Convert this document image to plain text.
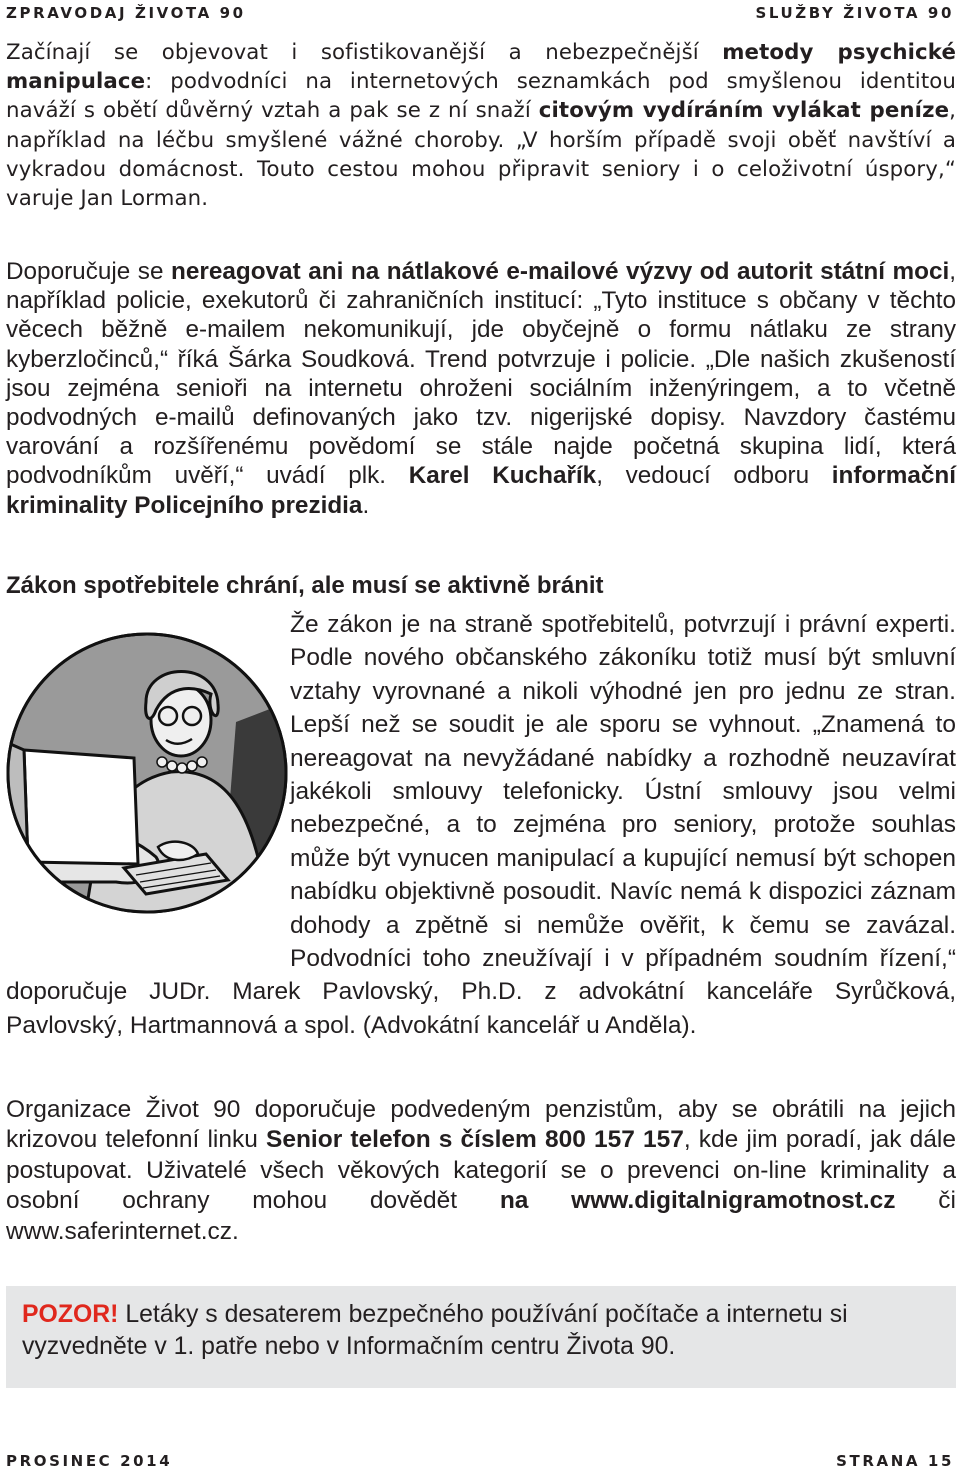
ZPRAVODAJ ŽIVOTA 90	SLUŽBY ŽIVOTA 90

Začínají se objevovat i sofistikovanější a nebezpečnější metody psychické manipulace: podvodníci na internetových seznamkách pod smyšlenou identitou naváží s obětí důvěrný vztah a pak se z ní snaží citovým vydíráním vylákat peníze, například na léčbu smyšlené vážné choroby. „V horším případě svoji oběť navštíví a vykradou domácnost. Touto cestou mohou připravit seniory i o celoživotní úspory,“ varuje Jan Lorman.

Doporučuje se nereagovat ani na nátlakové e-mailové výzvy od autorit státní moci, například policie, exekutorů či zahraničních institucí: „Tyto instituce s občany v těchto věcech běžně e-mailem nekomunikují, jde obyčejně o formu nátlaku ze strany kyberzločinců,“ říká Šárka Soudková. Trend potvrzuje i policie. „Dle našich zkušeností jsou zejména senioři na internetu ohroženi sociálním inženýringem, a to včetně podvodných e-mailů definovaných jako tzv. nigerijské dopisy. Navzdory častému varování a rozšířenému povědomí se stále najde početná skupina lidí, která podvodníkům uvěří,“ uvádí plk. Karel Kuchařík, vedoucí odboru informační kriminality Policejního prezidia.

Zákon spotřebitele chrání, ale musí se aktivně bránit

Že zákon je na straně spotřebitelů, potvrzují i právní experti. Podle nového občanského zákoníku totiž musí být smluvní vztahy vyrovnané a nikoli výhodné jen pro jednu ze stran. Lepší než se soudit je ale sporu se vyhnout. „Znamená to nereagovat na nevyžádané nabídky a rozhodně neuzavírat jakékoli smlouvy telefonicky. Ústní smlouvy jsou velmi nebezpečné, a to zejména pro seniory, protože souhlas může být vynucen manipulací a kupující nemusí být schopen nabídku objektivně posoudit. Navíc nemá k dispozici záznam dohody a zpětně si nemůže ověřit, k čemu se zavázal. Podvodníci toho zneužívají i v případném soudním řízení,“ doporučuje JUDr. Marek Pavlovský, Ph.D. z advokátní kanceláře Syrůčková, Pavlovský, Hartmannová a spol. (Advokátní kancelář u Anděla).

Organizace Život 90 doporučuje podvedeným penzistům, aby se obrátili na jejich krizovou telefonní linku Senior telefon s číslem 800 157 157, kde jim poradí, jak dále postupovat. Uživatelé všech věkových kategorií se o prevenci on-line kriminality a osobní ochrany mohou dovědět na www.digitalnigramotnost.cz či www.saferinternet.cz.

POZOR! Letáky s desaterem bezpečného používání počítače a internetu si vyzvedněte v 1. patře nebo v Informačním centru Života 90.
PROSINEC 2014	STRANA 15
